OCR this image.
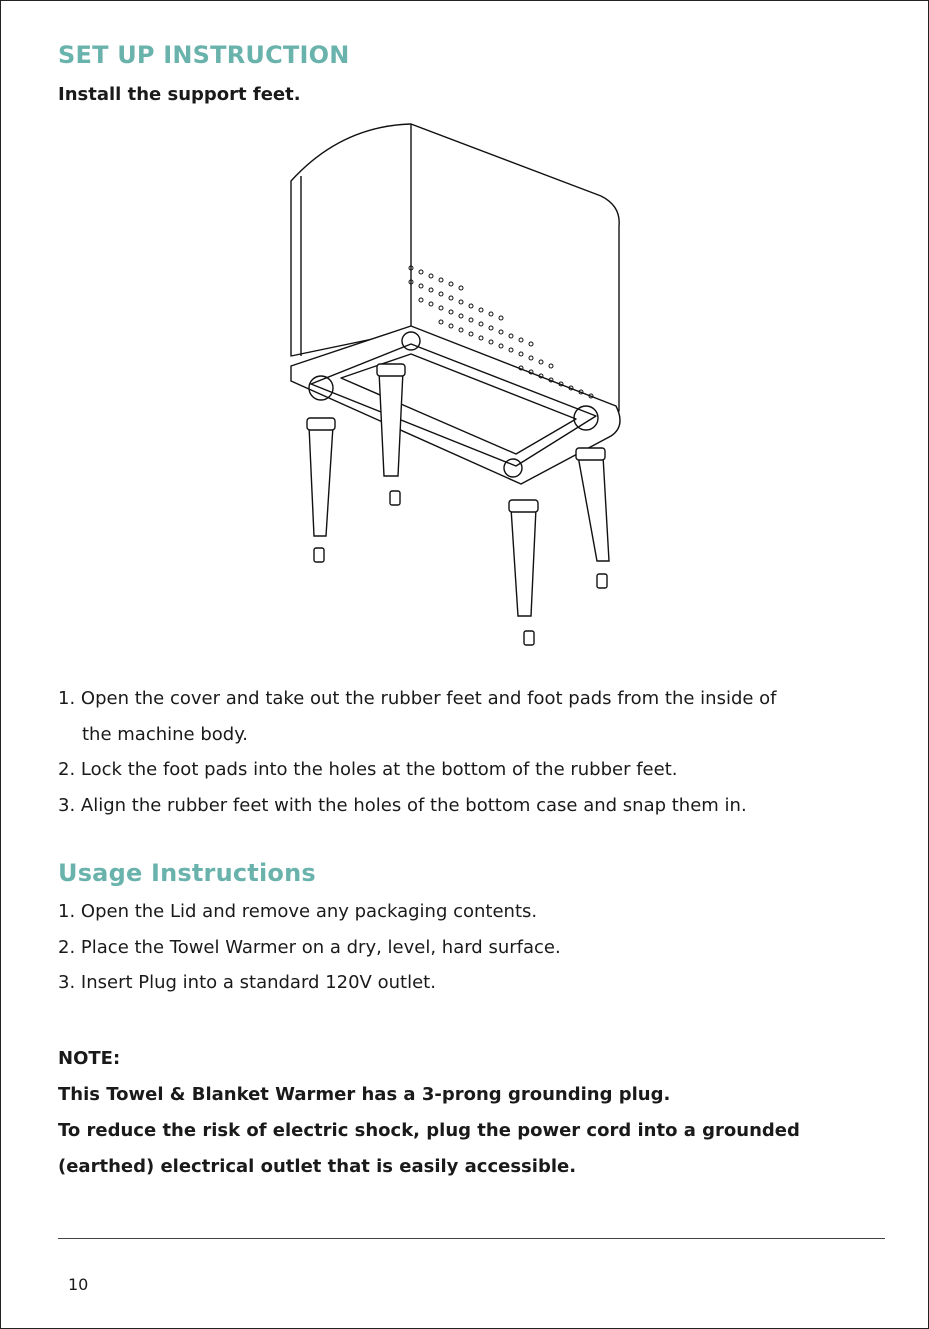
SET UP INSTRUCTION

Install the support feet.

1. Open the cover and take out the rubber feet and foot pads from the inside of
the machine body.
2. Lock the foot pads into the holes at the bottom of the rubber feet.
3. Align the rubber feet with the holes of the bottom case and snap them in.
Usage Instructions
1. Open the Lid and remove any packaging contents.
2. Place the Towel Warmer on a dry, level, hard surface.
3. Insert Plug into a standard 120V outlet.
NOTE:
This Towel & Blanket Warmer has a 3-prong grounding plug.
To reduce the risk of electric shock, plug the power cord into a grounded
(earthed) electrical outlet that is easily accessible.
10
